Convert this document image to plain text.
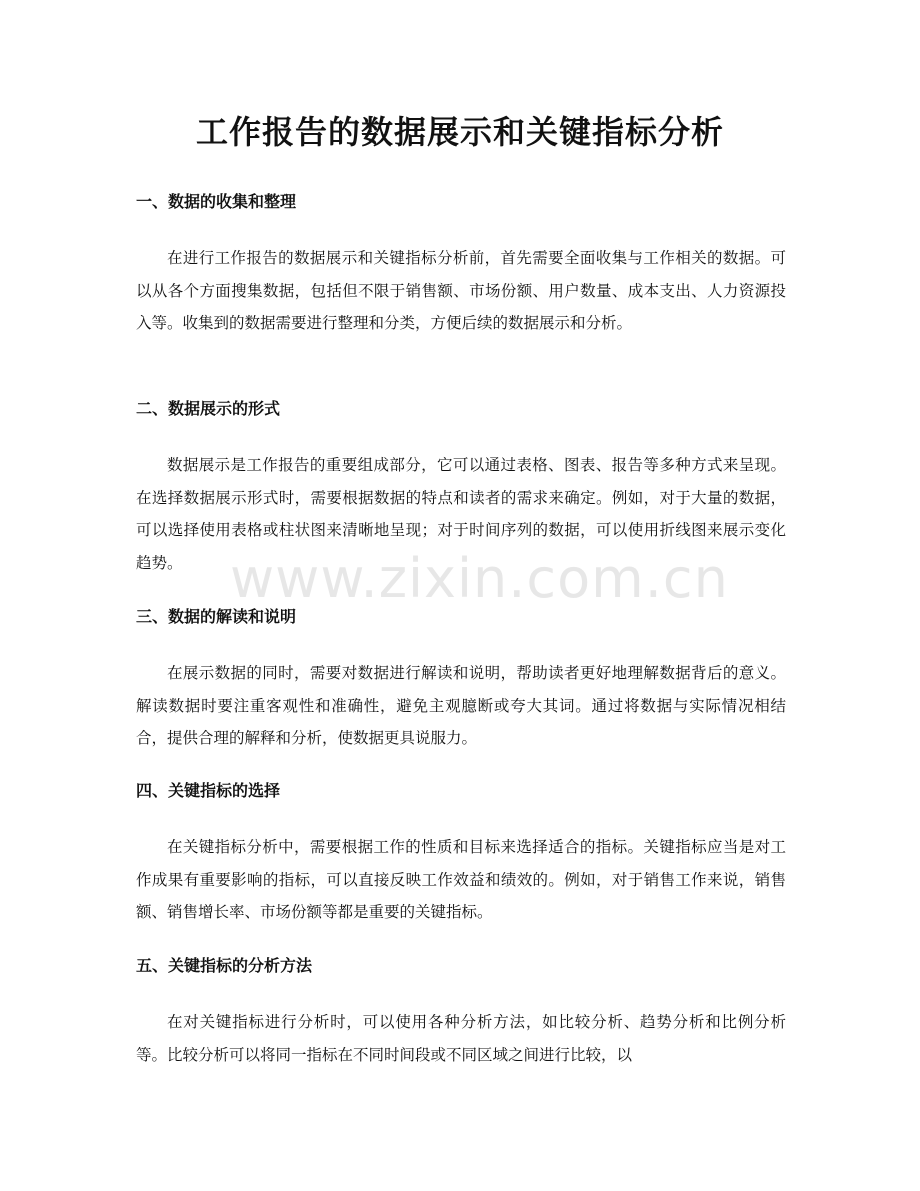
工作报告的数据展示和关键指标分析
一、数据的收集和整理

在进行工作报告的数据展示和关键指标分析前，首先需要全面收集与工作相关的数据。可以从各个方面搜集数据，包括但不限于销售额、市场份额、用户数量、成本支出、人力资源投入等。收集到的数据需要进行整理和分类，方便后续的数据展示和分析。

二、数据展示的形式

数据展示是工作报告的重要组成部分，它可以通过表格、图表、报告等多种方式来呈现。在选择数据展示形式时，需要根据数据的特点和读者的需求来确定。例如，对于大量的数据，可以选择使用表格或柱状图来清晰地呈现；对于时间序列的数据，可以使用折线图来展示变化趋势。

三、数据的解读和说明

在展示数据的同时，需要对数据进行解读和说明，帮助读者更好地理解数据背后的意义。解读数据时要注重客观性和准确性，避免主观臆断或夸大其词。通过将数据与实际情况相结合，提供合理的解释和分析，使数据更具说服力。

四、关键指标的选择

在关键指标分析中，需要根据工作的性质和目标来选择适合的指标。关键指标应当是对工作成果有重要影响的指标，可以直接反映工作效益和绩效的。例如，对于销售工作来说，销售额、销售增长率、市场份额等都是重要的关键指标。

五、关键指标的分析方法

在对关键指标进行分析时，可以使用各种分析方法，如比较分析、趋势分析和比例分析等。比较分析可以将同一指标在不同时间段或不同区域之间进行比较，以

www.zixin.com.cn
